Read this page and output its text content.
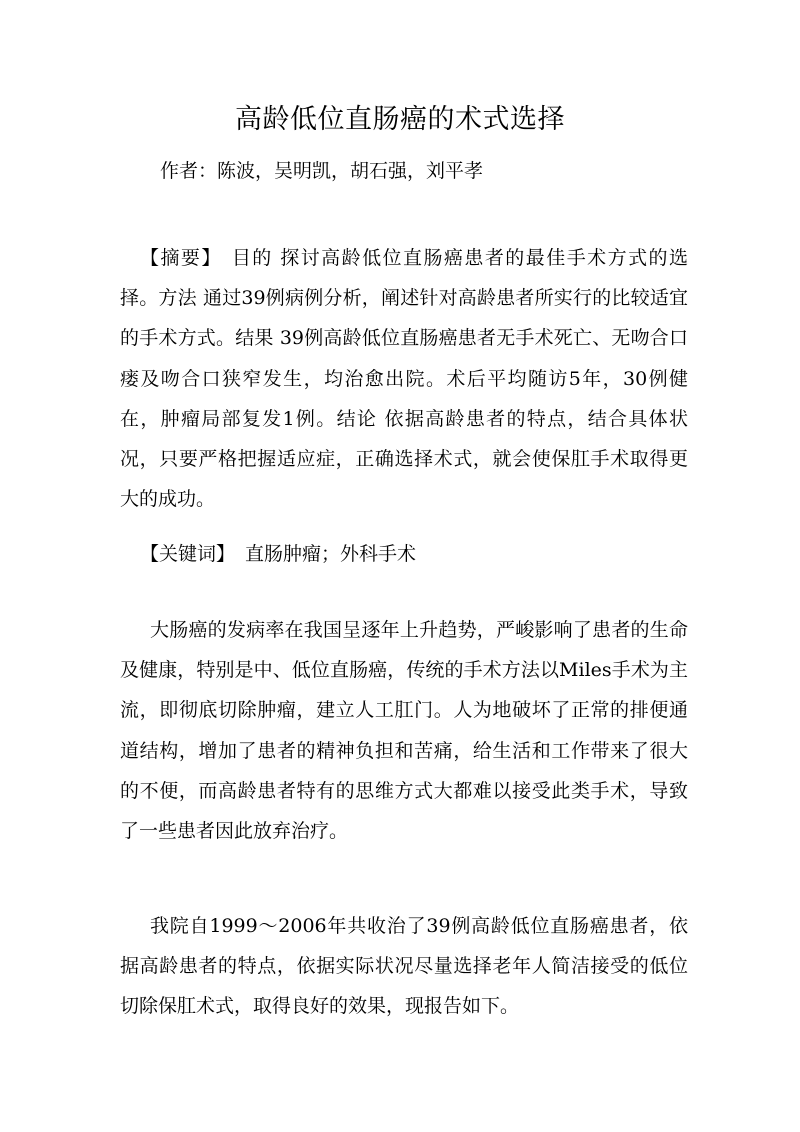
高龄低位直肠癌的术式选择

作者：陈波，吴明凯，胡石强，刘平孝

【摘要】 目的 探讨高龄低位直肠癌患者的最佳手术方式的选择。方法 通过39例病例分析，阐述针对高龄患者所实行的比较适宜的手术方式。结果 39例高龄低位直肠癌患者无手术死亡、无吻合口瘘及吻合口狭窄发生，均治愈出院。术后平均随访5年，30例健在，肿瘤局部复发1例。结论 依据高龄患者的特点，结合具体状况，只要严格把握适应症，正确选择术式，就会使保肛手术取得更大的成功。

【关键词】 直肠肿瘤；外科手术

大肠癌的发病率在我国呈逐年上升趋势，严峻影响了患者的生命及健康，特别是中、低位直肠癌，传统的手术方法以Miles手术为主流，即彻底切除肿瘤，建立人工肛门。人为地破坏了正常的排便通道结构，增加了患者的精神负担和苦痛，给生活和工作带来了很大的不便，而高龄患者特有的思维方式大都难以接受此类手术，导致了一些患者因此放弃治疗。

我院自1999～2006年共收治了39例高龄低位直肠癌患者，依据高龄患者的特点，依据实际状况尽量选择老年人简洁接受的低位切除保肛术式，取得良好的效果，现报告如下。
